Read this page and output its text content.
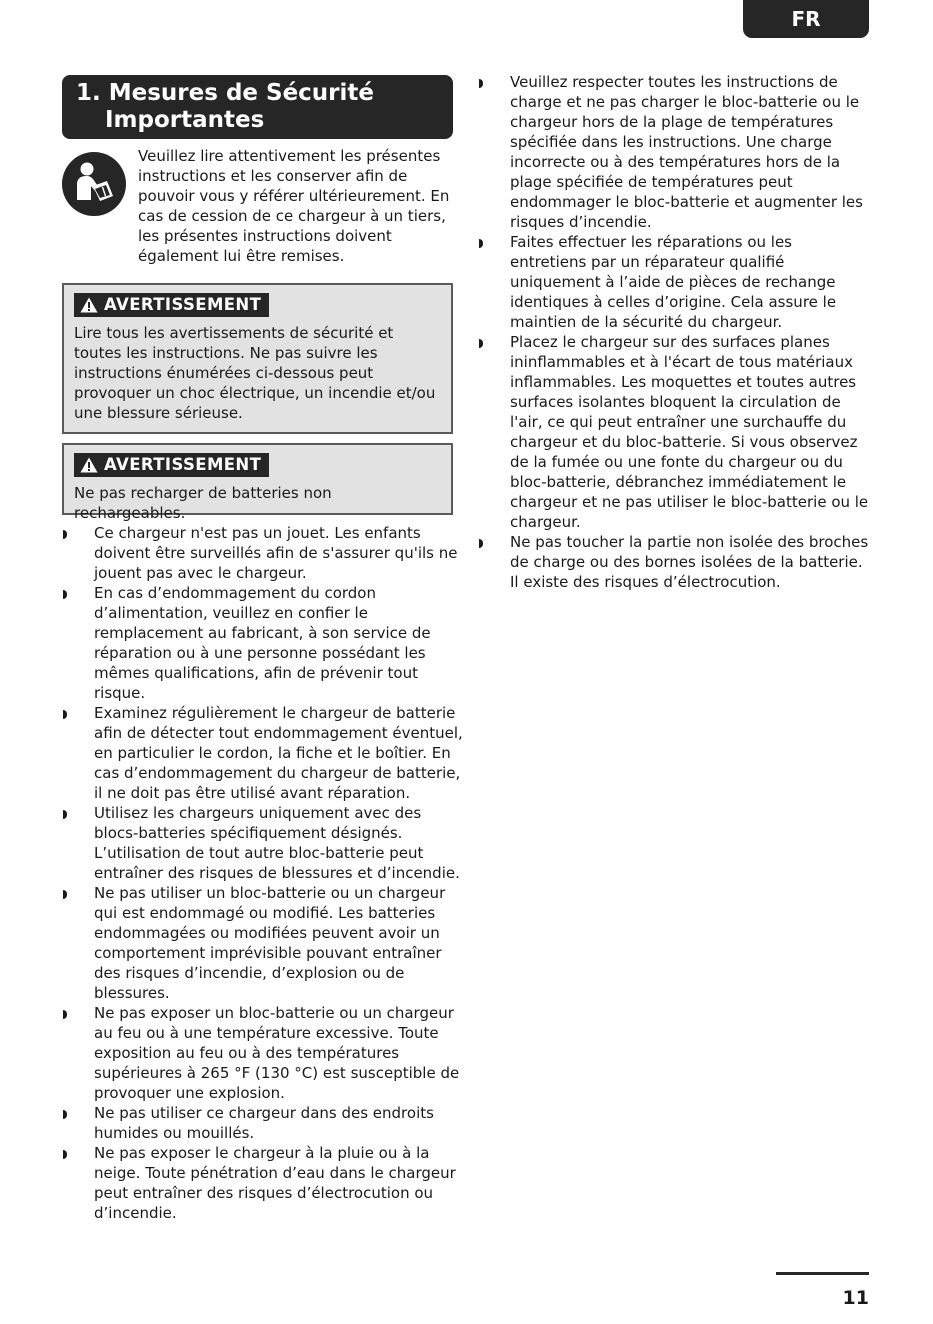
FR
1. Mesures de Sécurité
Importantes
Veuillez lire attentivement les présentes instructions et les conserver afin de pouvoir vous y référer ultérieurement. En cas de cession de ce chargeur à un tiers, les présentes instructions doivent également lui être remises.
AVERTISSEMENT
Lire tous les avertissements de sécurité et toutes les instructions. Ne pas suivre les instructions énumérées ci-dessous peut provoquer un choc électrique, un incendie et/ou une blessure sérieuse.
AVERTISSEMENT
Ne pas recharger de batteries non rechargeables.
Ce chargeur n'est pas un jouet. Les enfants doivent être surveillés afin de s'assurer qu'ils ne jouent pas avec le chargeur.
En cas d’endommagement du cordon d’alimentation, veuillez en confier le remplacement au fabricant, à son service de réparation ou à une personne possédant les mêmes qualifications, afin de prévenir tout risque.
Examinez régulièrement le chargeur de batterie afin de détecter tout endommagement éventuel, en particulier le cordon, la fiche et le boîtier. En cas d’endommagement du chargeur de batterie, il ne doit pas être utilisé avant réparation.
Utilisez les chargeurs uniquement avec des blocs-batteries spécifiquement désignés. L’utilisation de tout autre bloc-batterie peut entraîner des risques de blessures et d’incendie.
Ne pas utiliser un bloc-batterie ou un chargeur qui est endommagé ou modifié. Les batteries endommagées ou modifiées peuvent avoir un comportement imprévisible pouvant entraîner des risques d’incendie, d’explosion ou de blessures.
Ne pas exposer un bloc-batterie ou un chargeur au feu ou à une température excessive. Toute exposition au feu ou à des températures supérieures à 265 °F (130 °C) est susceptible de provoquer une explosion.
Ne pas utiliser ce chargeur dans des endroits humides ou mouillés.
Ne pas exposer le chargeur à la pluie ou à la neige. Toute pénétration d’eau dans le chargeur peut entraîner des risques d’électrocution ou d’incendie.
Veuillez respecter toutes les instructions de charge et ne pas charger le bloc-batterie ou le chargeur hors de la plage de températures spécifiée dans les instructions. Une charge incorrecte ou à des températures hors de la plage spécifiée de températures peut endommager le bloc-batterie et augmenter les risques d’incendie.
Faites effectuer les réparations ou les entretiens par un réparateur qualifié uniquement à l’aide de pièces de rechange identiques à celles d’origine. Cela assure le maintien de la sécurité du chargeur.
Placez le chargeur sur des surfaces planes ininflammables et à l'écart de tous matériaux inflammables. Les moquettes et toutes autres surfaces isolantes bloquent la circulation de l'air, ce qui peut entraîner une surchauffe du chargeur et du bloc-batterie. Si vous observez de la fumée ou une fonte du chargeur ou du bloc-batterie, débranchez immédiatement le chargeur et ne pas utiliser le bloc-batterie ou le chargeur.
Ne pas toucher la partie non isolée des broches de charge ou des bornes isolées de la batterie. Il existe des risques d’électrocution.
11
